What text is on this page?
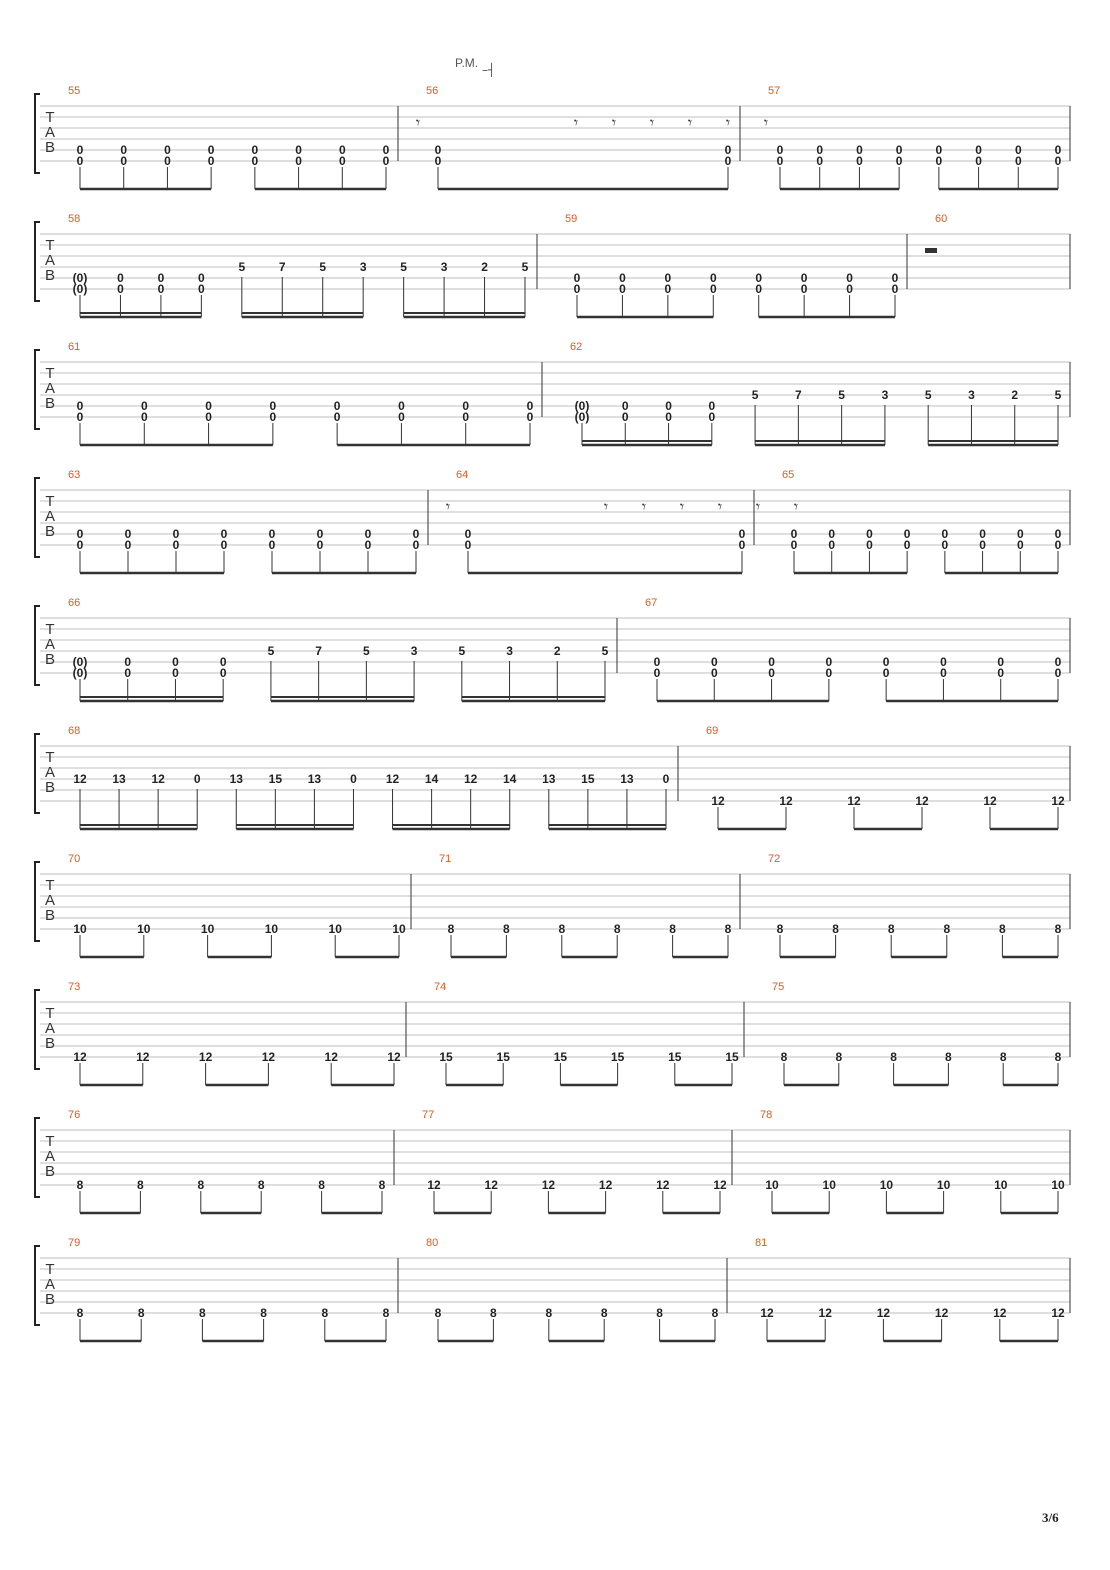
T
A
B
55
0
0
0
0
0
0
0
0
0
0
0
0
0
0
0
0
56
0
0
0
0
𝄾	𝄾 𝄾 𝄾 𝄾 𝄾 𝄾
57
0
0
0
0
0
0
0
0
0
0
0
0
0
0
0
0
T
A
B
58
(0)
(0)
0
0
0
0
0
0
5	7	5	3	5	3	2	5
59
0
0
0
0
0
0
0
0
0
0
0
0
0
0
0
0
60
T
A
B
61
0
0
0
0
0
0
0
0
0
0
0
0
0
0
0
0
62
(0)
(0)
0
0
0
0
0
0
5	7	5	3	5	3	2	5
T
A
B
63
0
0
0
0
0
0
0
0
0
0
0
0
0
0
0
0
64
0
0
0
0
𝄾	𝄾 𝄾 𝄾 𝄾 𝄾 𝄾
65
0
0
0
0
0
0
0
0
0
0
0
0
0
0
0
0
T
A
B
66
(0)
(0)
0
0
0
0
0
0
5	7	5	3	5	3	2	5
67
0
0
0
0
0
0
0
0
0
0
0
0
0
0
0
0
T
A
B
68
12 13 12 0 13 15 13 0 12 14 12 14 13 15 13 0
69
12	12	12	12	12	12
T
A
B
70
10	10	10	10	10	10
71
8	8	8	8	8	8
72
8	8	8	8	8	8
T
A
B
73
12	12	12	12	12	12
74
15	15	15	15	15	15
75
8	8	8	8	8	8
T
A
B
76
8	8	8	8	8	8
77
12	12	12	12	12	12
78
10	10	10	10	10	10
T
A
B
79
8	8	8	8	8	8
80
8	8	8	8	8	8
81
12	12	12	12	12	12
P.M. –┤
3/6
